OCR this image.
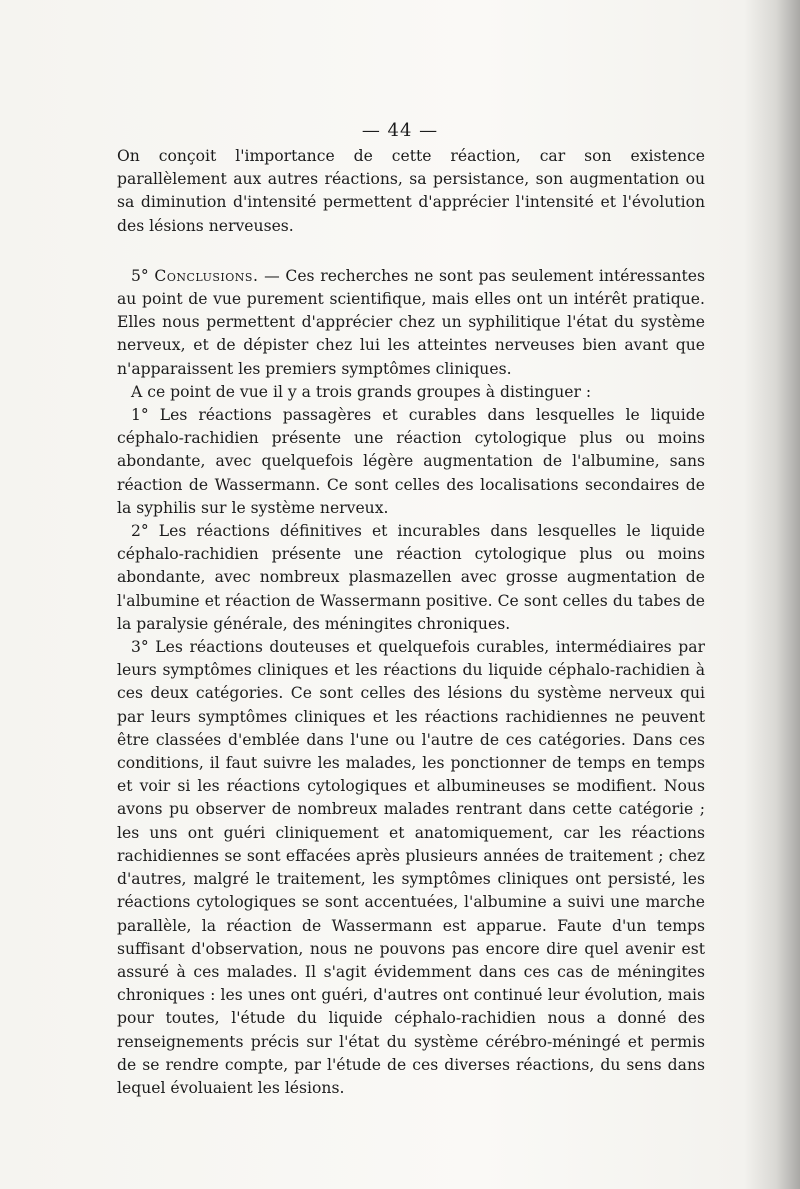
— 44 —

On conçoit l'importance de cette réaction, car son existence parallèlement aux autres réactions, sa persistance, son augmentation ou sa diminution d'intensité permettent d'apprécier l'intensité et l'évolution des lésions nerveuses.

5° Conclusions. — Ces recherches ne sont pas seulement intéressantes au point de vue purement scientifique, mais elles ont un intérêt pratique. Elles nous permettent d'apprécier chez un syphilitique l'état du système nerveux, et de dépister chez lui les atteintes nerveuses bien avant que n'apparaissent les premiers symptômes cliniques.

A ce point de vue il y a trois grands groupes à distinguer :

1° Les réactions passagères et curables dans lesquelles le liquide céphalo-rachidien présente une réaction cytologique plus ou moins abondante, avec quelquefois légère augmentation de l'albumine, sans réaction de Wassermann. Ce sont celles des localisations secondaires de la syphilis sur le système nerveux.

2° Les réactions définitives et incurables dans lesquelles le liquide céphalo-rachidien présente une réaction cytologique plus ou moins abondante, avec nombreux plasmazellen avec grosse augmentation de l'albumine et réaction de Wassermann positive. Ce sont celles du tabes de la paralysie générale, des méningites chroniques.

3° Les réactions douteuses et quelquefois curables, intermédiaires par leurs symptômes cliniques et les réactions du liquide céphalo-rachidien à ces deux catégories. Ce sont celles des lésions du système nerveux qui par leurs symptômes cliniques et les réactions rachidiennes ne peuvent être classées d'emblée dans l'une ou l'autre de ces catégories. Dans ces conditions, il faut suivre les malades, les ponctionner de temps en temps et voir si les réactions cytologiques et albumineuses se modifient. Nous avons pu observer de nombreux malades rentrant dans cette catégorie ; les uns ont guéri cliniquement et anatomiquement, car les réactions rachidiennes se sont effacées après plusieurs années de traitement ; chez d'autres, malgré le traitement, les symptômes cliniques ont persisté, les réactions cytologiques se sont accentuées, l'albumine a suivi une marche parallèle, la réaction de Wassermann est apparue. Faute d'un temps suffisant d'observation, nous ne pouvons pas encore dire quel avenir est assuré à ces malades. Il s'agit évidemment dans ces cas de méningites chroniques : les unes ont guéri, d'autres ont continué leur évolution, mais pour toutes, l'étude du liquide céphalo-rachidien nous a donné des renseignements précis sur l'état du système cérébro-méningé et permis de se rendre compte, par l'étude de ces diverses réactions, du sens dans lequel évoluaient les lésions.
